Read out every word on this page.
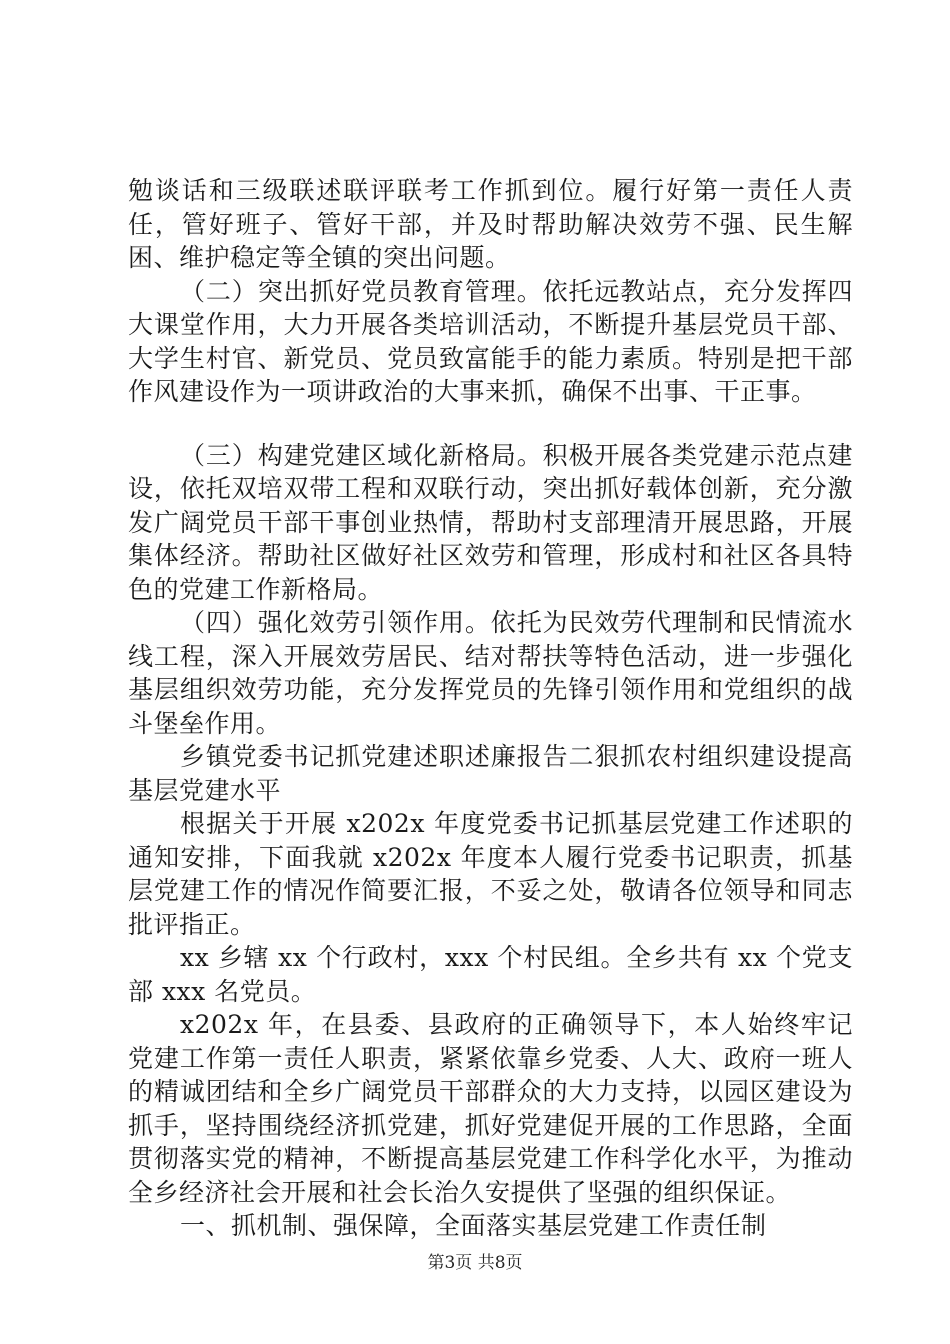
勉谈话和三级联述联评联考工作抓到位。履行好第一责任人责任，管好班子、管好干部，并及时帮助解决效劳不强、民生解困、维护稳定等全镇的突出问题。

（二）突出抓好党员教育管理。依托远教站点，充分发挥四大课堂作用，大力开展各类培训活动，不断提升基层党员干部、大学生村官、新党员、党员致富能手的能力素质。特别是把干部作风建设作为一项讲政治的大事来抓，确保不出事、干正事。

（三）构建党建区域化新格局。积极开展各类党建示范点建设，依托双培双带工程和双联行动，突出抓好载体创新，充分激发广阔党员干部干事创业热情，帮助村支部理清开展思路，开展集体经济。帮助社区做好社区效劳和管理，形成村和社区各具特色的党建工作新格局。

（四）强化效劳引领作用。依托为民效劳代理制和民情流水线工程，深入开展效劳居民、结对帮扶等特色活动，进一步强化基层组织效劳功能，充分发挥党员的先锋引领作用和党组织的战斗堡垒作用。

乡镇党委书记抓党建述职述廉报告二狠抓农村组织建设提高基层党建水平

根据关于开展 x202x 年度党委书记抓基层党建工作述职的通知安排，下面我就 x202x 年度本人履行党委书记职责，抓基层党建工作的情况作简要汇报，不妥之处，敬请各位领导和同志批评指正。

xx 乡辖 xx 个行政村，xxx 个村民组。全乡共有 xx 个党支部 xxx 名党员。

x202x 年，在县委、县政府的正确领导下，本人始终牢记党建工作第一责任人职责，紧紧依靠乡党委、人大、政府一班人的精诚团结和全乡广阔党员干部群众的大力支持，以园区建设为抓手，坚持围绕经济抓党建，抓好党建促开展的工作思路，全面贯彻落实党的精神，不断提高基层党建工作科学化水平，为推动全乡经济社会开展和社会长治久安提供了坚强的组织保证。

一、抓机制、强保障，全面落实基层党建工作责任制

第3页 共8页
